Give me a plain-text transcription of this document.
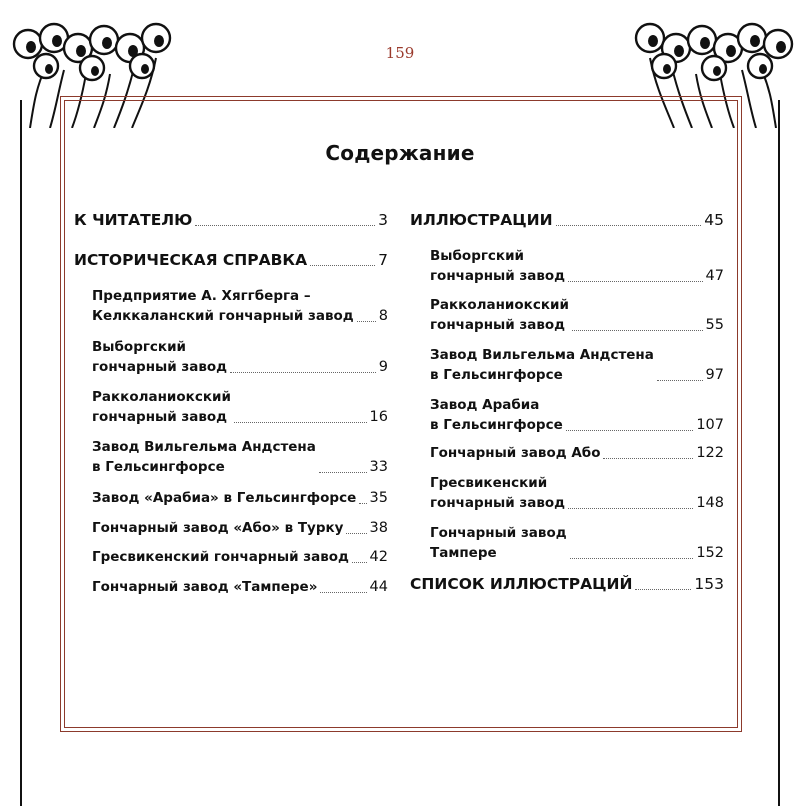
159
Содержание
К ЧИТАТЕЛЮ	3
ИСТОРИЧЕСКАЯ СПРАВКА	7
Предприятие А. Хяггберга –
Келккаланский гончарный завод 8
Выборгский
гончарный завод	9
Ракколаниокский
гончарный завод	16
Завод Вильгельма Андстена
в Гельсингфорсе	33
Завод «Арабиа» в Гельсингфорсе 35
Гончарный завод «Або» в Турку 38
Гресвикенский гончарный завод 42
Гончарный завод «Тампере»	44
ИЛЛЮСТРАЦИИ	45
Выборгский
гончарный завод	47
Ракколаниокский
гончарный завод	55
Завод Вильгельма Андстена
в Гельсингфорсе	97
Завод Арабиа
в Гельсингфорсе	107
Гончарный завод Або	122
Гресвикенский
гончарный завод	148
Гончарный завод
Тампере	152
СПИСОК ИЛЛЮСТРАЦИЙ	153
